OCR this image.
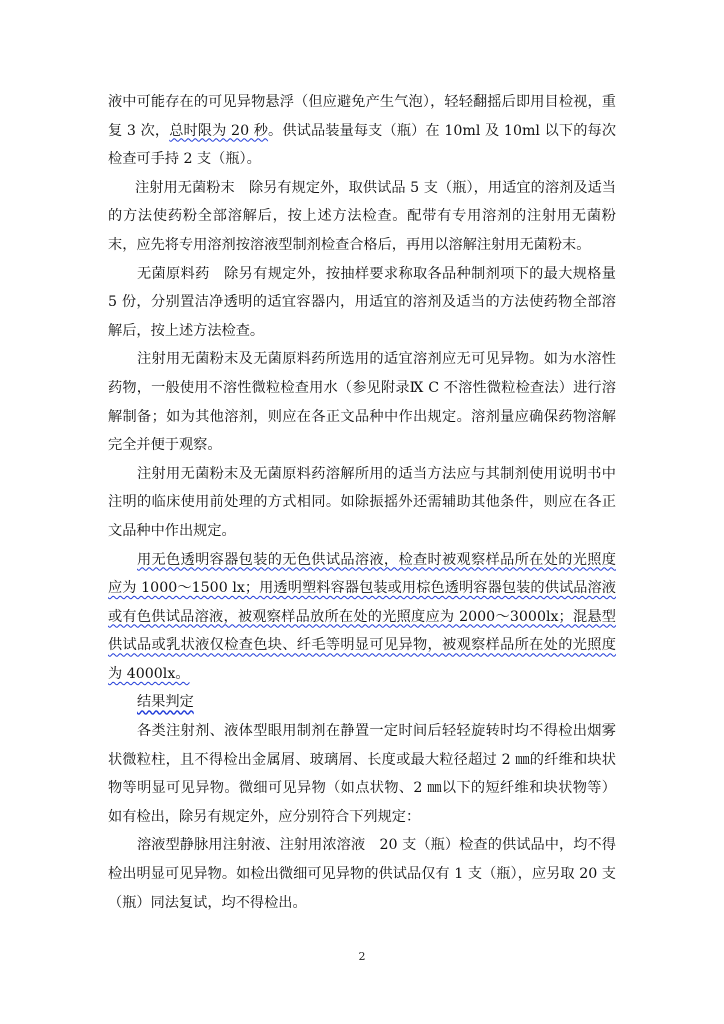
液中可能存在的可见异物悬浮（但应避免产生气泡），轻轻翻摇后即用目检视，重复 3 次，总时限为 20 秒。供试品装量每支（瓶）在 10ml 及 10ml 以下的每次检查可手持 2 支（瓶）。

注射用无菌粉末　除另有规定外，取供试品 5 支（瓶），用适宜的溶剂及适当的方法使药粉全部溶解后，按上述方法检查。配带有专用溶剂的注射用无菌粉末，应先将专用溶剂按溶液型制剂检查合格后，再用以溶解注射用无菌粉末。

无菌原料药　除另有规定外，按抽样要求称取各品种制剂项下的最大规格量 5 份，分别置洁净透明的适宜容器内，用适宜的溶剂及适当的方法使药物全部溶解后，按上述方法检查。

注射用无菌粉末及无菌原料药所选用的适宜溶剂应无可见异物。如为水溶性药物，一般使用不溶性微粒检查用水（参见附录Ⅸ C 不溶性微粒检查法）进行溶解制备；如为其他溶剂，则应在各正文品种中作出规定。溶剂量应确保药物溶解完全并便于观察。

注射用无菌粉末及无菌原料药溶解所用的适当方法应与其制剂使用说明书中注明的临床使用前处理的方式相同。如除振摇外还需辅助其他条件，则应在各正文品种中作出规定。

用无色透明容器包装的无色供试品溶液，检查时被观察样品所在处的光照度应为 1000～1500 lx；用透明塑料容器包装或用棕色透明容器包装的供试品溶液或有色供试品溶液，被观察样品放所在处的光照度应为 2000～3000lx；混悬型供试品或乳状液仅检查色块、纤毛等明显可见异物，被观察样品所在处的光照度为 4000lx。

结果判定

各类注射剂、液体型眼用制剂在静置一定时间后轻轻旋转时均不得检出烟雾状微粒柱，且不得检出金属屑、玻璃屑、长度或最大粒径超过 2 ㎜的纤维和块状物等明显可见异物。微细可见异物（如点状物、2 ㎜以下的短纤维和块状物等）如有检出，除另有规定外，应分别符合下列规定：

溶液型静脉用注射液、注射用浓溶液　20 支（瓶）检查的供试品中，均不得检出明显可见异物。如检出微细可见异物的供试品仅有 1 支（瓶），应另取 20 支（瓶）同法复试，均不得检出。

2
